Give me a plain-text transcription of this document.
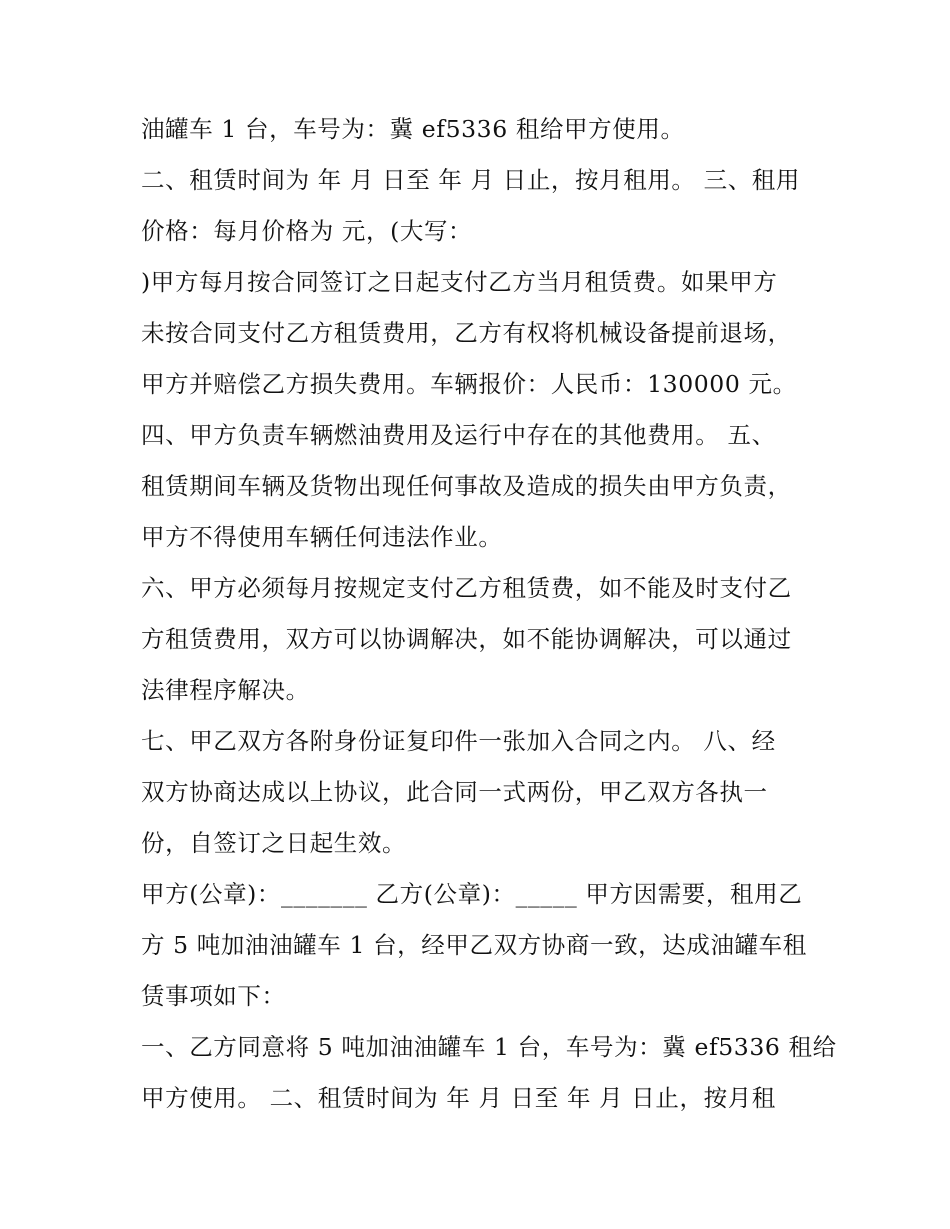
油罐车 1 台，车号为：冀 ef5336 租给甲方使用。
二、租赁时间为 年 月 日至 年 月 日止，按月租用。 三、租用
价格：每月价格为 元，(大写：
)甲方每月按合同签订之日起支付乙方当月租赁费。如果甲方
未按合同支付乙方租赁费用，乙方有权将机械设备提前退场，
甲方并赔偿乙方损失费用。车辆报价：人民币：130000 元。
四、甲方负责车辆燃油费用及运行中存在的其他费用。 五、
租赁期间车辆及货物出现任何事故及造成的损失由甲方负责，
甲方不得使用车辆任何违法作业。
六、甲方必须每月按规定支付乙方租赁费，如不能及时支付乙
方租赁费用，双方可以协调解决，如不能协调解决，可以通过
法律程序解决。
七、甲乙双方各附身份证复印件一张加入合同之内。 八、经
双方协商达成以上协议，此合同一式两份，甲乙双方各执一
份，自签订之日起生效。
甲方(公章)：_______ 乙方(公章)：_____ 甲方因需要，租用乙
方 5 吨加油油罐车 1 台，经甲乙双方协商一致，达成油罐车租
赁事项如下：
一、乙方同意将 5 吨加油油罐车 1 台，车号为：冀 ef5336 租给
甲方使用。 二、租赁时间为 年 月 日至 年 月 日止，按月租
